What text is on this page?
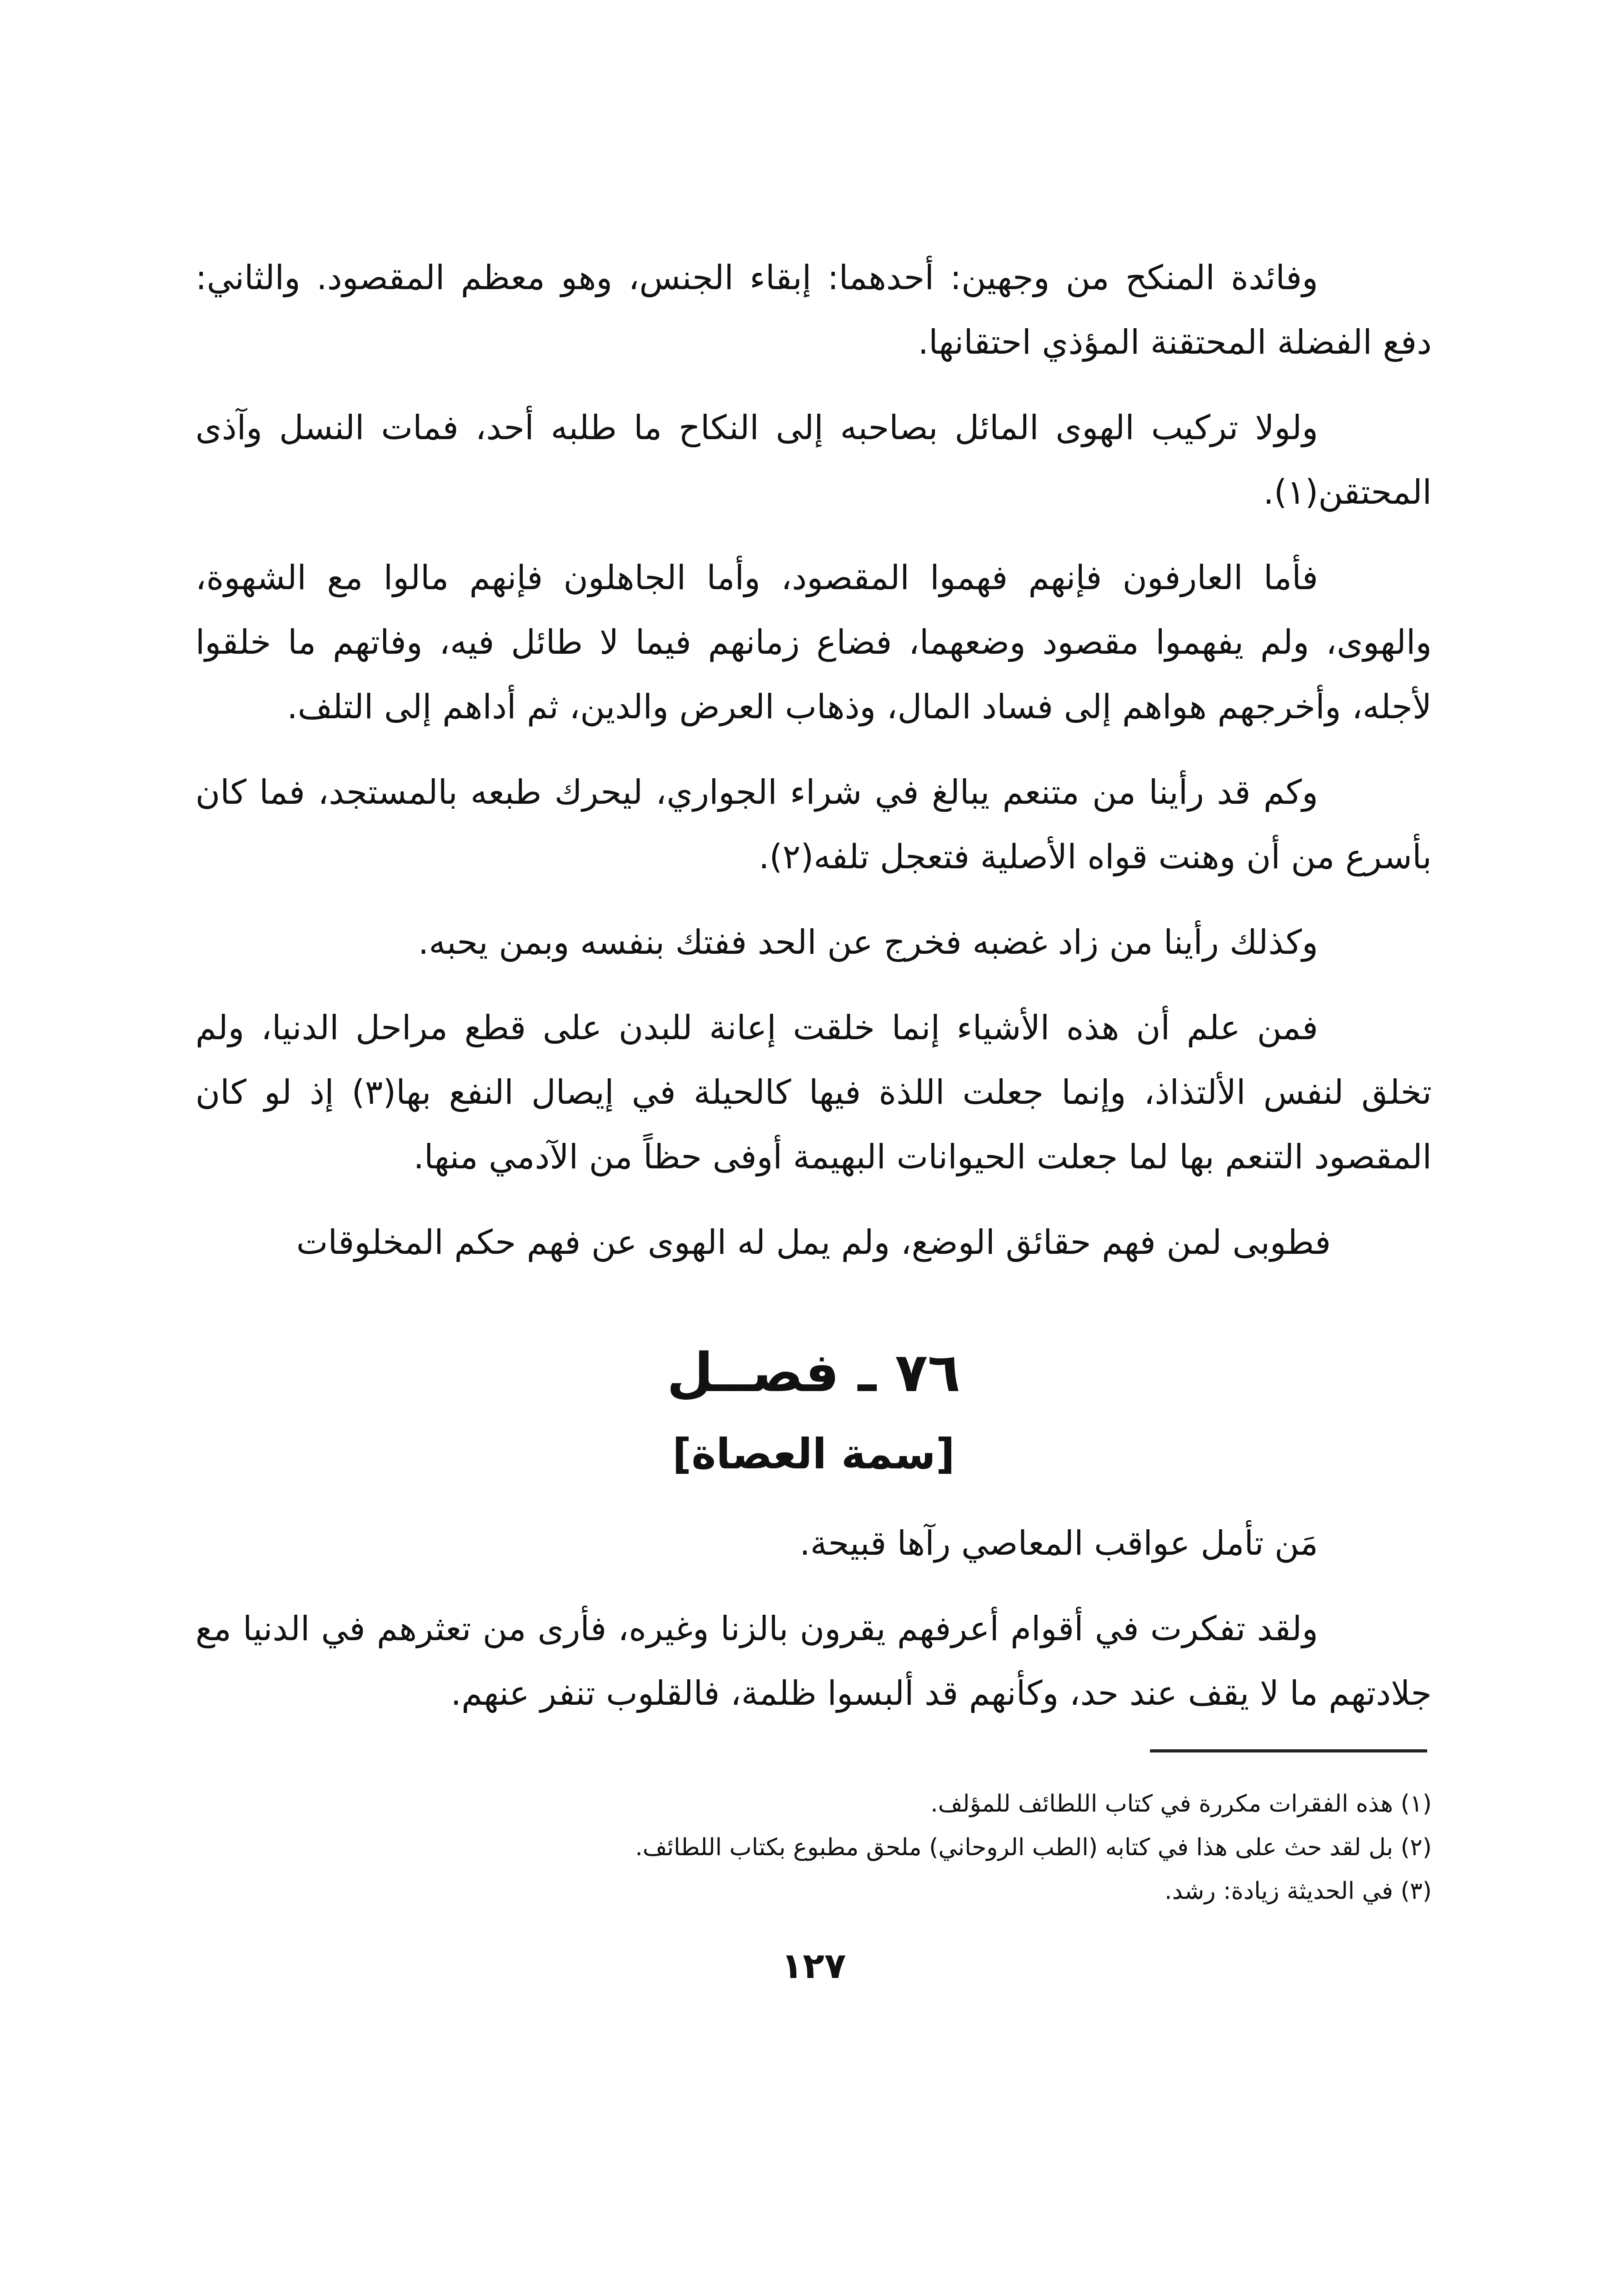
وفائدة المنكح من وجهين: أحدهما: إبقاء الجنس، وهو معظم المقصود. والثاني: دفع الفضلة المحتقنة المؤذي احتقانها.

ولولا تركيب الهوى المائل بصاحبه إلى النكاح ما طلبه أحد، فمات النسل وآذى المحتقن(١).

فأما العارفون فإنهم فهموا المقصود، وأما الجاهلون فإنهم مالوا مع الشهوة، والهوى، ولم يفهموا مقصود وضعهما، فضاع زمانهم فيما لا طائل فيه، وفاتهم ما خلقوا لأجله، وأخرجهم هواهم إلى فساد المال، وذهاب العرض والدين، ثم أداهم إلى التلف.

وكم قد رأينا من متنعم يبالغ في شراء الجواري، ليحرك طبعه بالمستجد، فما كان بأسرع من أن وهنت قواه الأصلية فتعجل تلفه(٢).

وكذلك رأينا من زاد غضبه فخرج عن الحد ففتك بنفسه وبمن يحبه.

فمن علم أن هذه الأشياء إنما خلقت إعانة للبدن على قطع مراحل الدنيا، ولم تخلق لنفس الألتذاذ، وإنما جعلت اللذة فيها كالحيلة في إيصال النفع بها(٣) إذ لو كان المقصود التنعم بها لما جعلت الحيوانات البهيمة أوفى حظاً من الآدمي منها.

فطوبى لمن فهم حقائق الوضع، ولم يمل له الهوى عن فهم حكم المخلوقات

٧٦ ـ فصــل

[سمة العصاة]

مَن تأمل عواقب المعاصي رآها قبيحة.

ولقد تفكرت في أقوام أعرفهم يقرون بالزنا وغيره، فأرى من تعثرهم في الدنيا مع جلادتهم ما لا يقف عند حد، وكأنهم قد ألبسوا ظلمة، فالقلوب تنفر عنهم.

(١) هذه الفقرات مكررة في كتاب اللطائف للمؤلف.

(٢) بل لقد حث على هذا في كتابه (الطب الروحاني) ملحق مطبوع بكتاب اللطائف.

(٣) في الحديثة زيادة: رشد.

١٢٧
